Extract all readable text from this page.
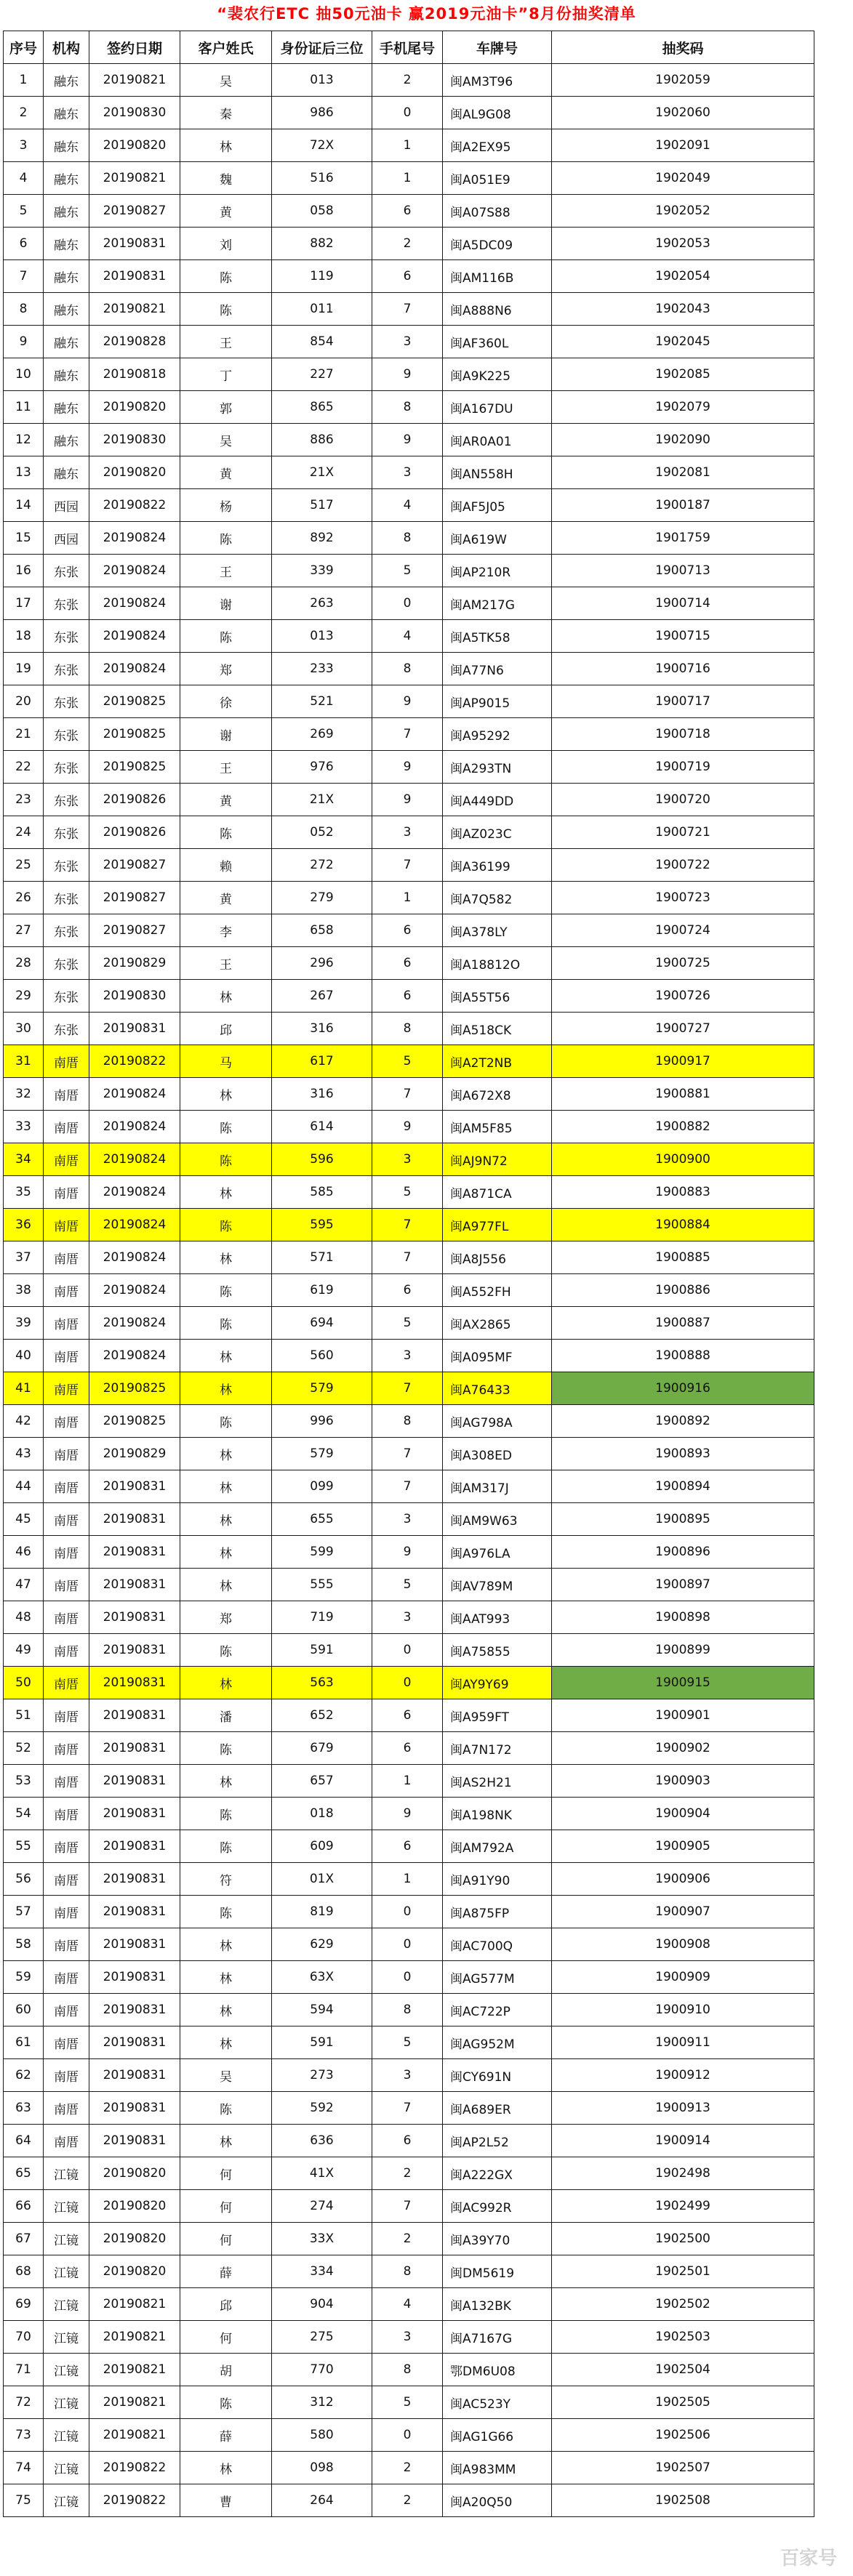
“裴农行ETC 抽50元油卡 赢2019元油卡”8月份抽奖清单
序号	机构	签约日期	客户姓氏	身份证后三位	手机尾号	车牌号	抽奖码
1	融东	20190821	吴	013	2	闽AM3T96	1902059
2	融东	20190830	秦	986	0	闽AL9G08	1902060
3	融东	20190820	林	72X	1	闽A2EX95	1902091
4	融东	20190821	魏	516	1	闽A051E9	1902049
5	融东	20190827	黄	058	6	闽A07S88	1902052
6	融东	20190831	刘	882	2	闽A5DC09	1902053
7	融东	20190831	陈	119	6	闽AM116B	1902054
8	融东	20190821	陈	011	7	闽A888N6	1902043
9	融东	20190828	王	854	3	闽AF360L	1902045
10	融东	20190818	丁	227	9	闽A9K225	1902085
11	融东	20190820	郭	865	8	闽A167DU	1902079
12	融东	20190830	吴	886	9	闽AR0A01	1902090
13	融东	20190820	黄	21X	3	闽AN558H	1902081
14	西园	20190822	杨	517	4	闽AF5J05	1900187
15	西园	20190824	陈	892	8	闽A619W	1901759
16	东张	20190824	王	339	5	闽AP210R	1900713
17	东张	20190824	谢	263	0	闽AM217G	1900714
18	东张	20190824	陈	013	4	闽A5TK58	1900715
19	东张	20190824	郑	233	8	闽A77N6	1900716
20	东张	20190825	徐	521	9	闽AP9015	1900717
21	东张	20190825	谢	269	7	闽A95292	1900718
22	东张	20190825	王	976	9	闽A293TN	1900719
23	东张	20190826	黄	21X	9	闽A449DD	1900720
24	东张	20190826	陈	052	3	闽AZ023C	1900721
25	东张	20190827	赖	272	7	闽A36199	1900722
26	东张	20190827	黄	279	1	闽A7Q582	1900723
27	东张	20190827	李	658	6	闽A378LY	1900724
28	东张	20190829	王	296	6	闽A18812O	1900725
29	东张	20190830	林	267	6	闽A55T56	1900726
30	东张	20190831	邱	316	8	闽A518CK	1900727
31	南厝	20190822	马	617	5	闽A2T2NB	1900917
32	南厝	20190824	林	316	7	闽A672X8	1900881
33	南厝	20190824	陈	614	9	闽AM5F85	1900882
34	南厝	20190824	陈	596	3	闽AJ9N72	1900900
35	南厝	20190824	林	585	5	闽A871CA	1900883
36	南厝	20190824	陈	595	7	闽A977FL	1900884
37	南厝	20190824	林	571	7	闽A8J556	1900885
38	南厝	20190824	陈	619	6	闽A552FH	1900886
39	南厝	20190824	陈	694	5	闽AX2865	1900887
40	南厝	20190824	林	560	3	闽A095MF	1900888
41	南厝	20190825	林	579	7	闽A76433	1900916
42	南厝	20190825	陈	996	8	闽AG798A	1900892
43	南厝	20190829	林	579	7	闽A308ED	1900893
44	南厝	20190831	林	099	7	闽AM317J	1900894
45	南厝	20190831	林	655	3	闽AM9W63	1900895
46	南厝	20190831	林	599	9	闽A976LA	1900896
47	南厝	20190831	林	555	5	闽AV789M	1900897
48	南厝	20190831	郑	719	3	闽AAT993	1900898
49	南厝	20190831	陈	591	0	闽A75855	1900899
50	南厝	20190831	林	563	0	闽AY9Y69	1900915
51	南厝	20190831	潘	652	6	闽A959FT	1900901
52	南厝	20190831	陈	679	6	闽A7N172	1900902
53	南厝	20190831	林	657	1	闽AS2H21	1900903
54	南厝	20190831	陈	018	9	闽A198NK	1900904
55	南厝	20190831	陈	609	6	闽AM792A	1900905
56	南厝	20190831	符	01X	1	闽A91Y90	1900906
57	南厝	20190831	陈	819	0	闽A875FP	1900907
58	南厝	20190831	林	629	0	闽AC700Q	1900908
59	南厝	20190831	林	63X	0	闽AG577M	1900909
60	南厝	20190831	林	594	8	闽AC722P	1900910
61	南厝	20190831	林	591	5	闽AG952M	1900911
62	南厝	20190831	吴	273	3	闽CY691N	1900912
63	南厝	20190831	陈	592	7	闽A689ER	1900913
64	南厝	20190831	林	636	6	闽AP2L52	1900914
65	江镜	20190820	何	41X	2	闽A222GX	1902498
66	江镜	20190820	何	274	7	闽AC992R	1902499
67	江镜	20190820	何	33X	2	闽A39Y70	1902500
68	江镜	20190820	薛	334	8	闽DM5619	1902501
69	江镜	20190821	邱	904	4	闽A132BK	1902502
70	江镜	20190821	何	275	3	闽A7167G	1902503
71	江镜	20190821	胡	770	8	鄂DM6U08	1902504
72	江镜	20190821	陈	312	5	闽AC523Y	1902505
73	江镜	20190821	薛	580	0	闽AG1G66	1902506
74	江镜	20190822	林	098	2	闽A983MM	1902507
75	江镜	20190822	曹	264	2	闽A20Q50	1902508
百家号
